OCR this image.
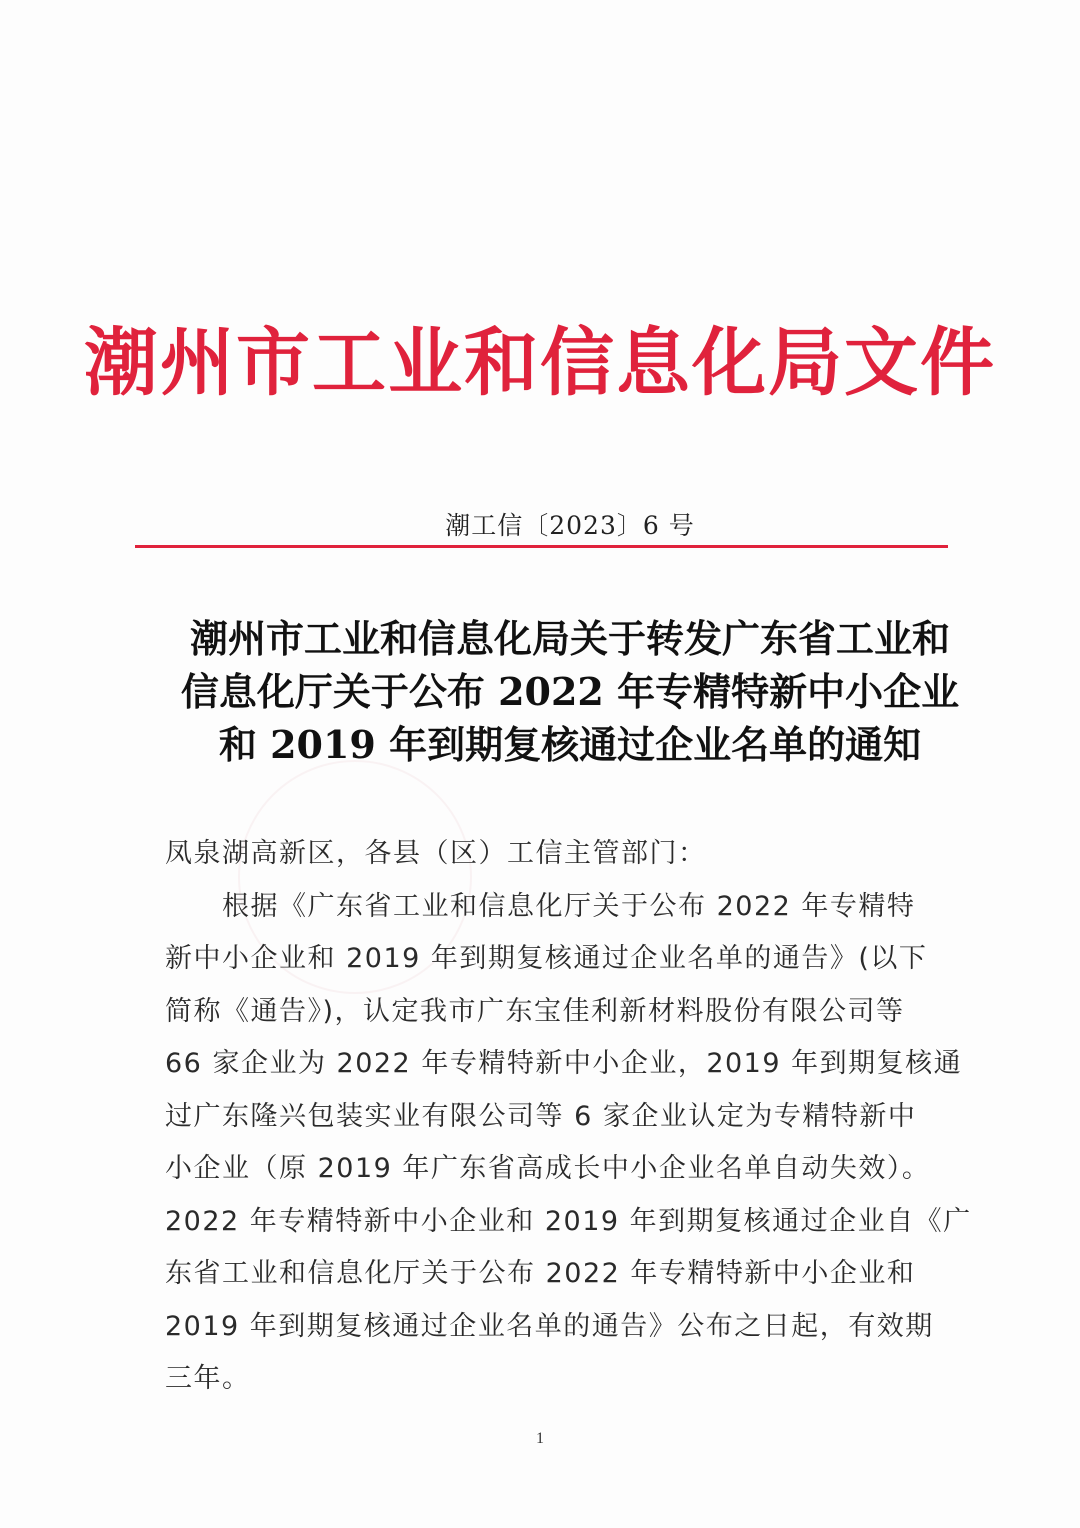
潮州市工业和信息化局文件
潮工信〔2023〕6 号
潮州市工业和信息化局关于转发广东省工业和
信息化厅关于公布 2022 年专精特新中小企业
和 2019 年到期复核通过企业名单的通知
凤泉湖高新区，各县（区）工信主管部门：
　　根据《广东省工业和信息化厅关于公布 2022 年专精特
新中小企业和 2019 年到期复核通过企业名单的通告》(以下
简称《通告》)，认定我市广东宝佳利新材料股份有限公司等
66 家企业为 2022 年专精特新中小企业，2019 年到期复核通
过广东隆兴包装实业有限公司等 6 家企业认定为专精特新中
小企业（原 2019 年广东省高成长中小企业名单自动失效）。
2022 年专精特新中小企业和 2019 年到期复核通过企业自《广
东省工业和信息化厅关于公布 2022 年专精特新中小企业和
2019 年到期复核通过企业名单的通告》公布之日起，有效期
三年。
1
